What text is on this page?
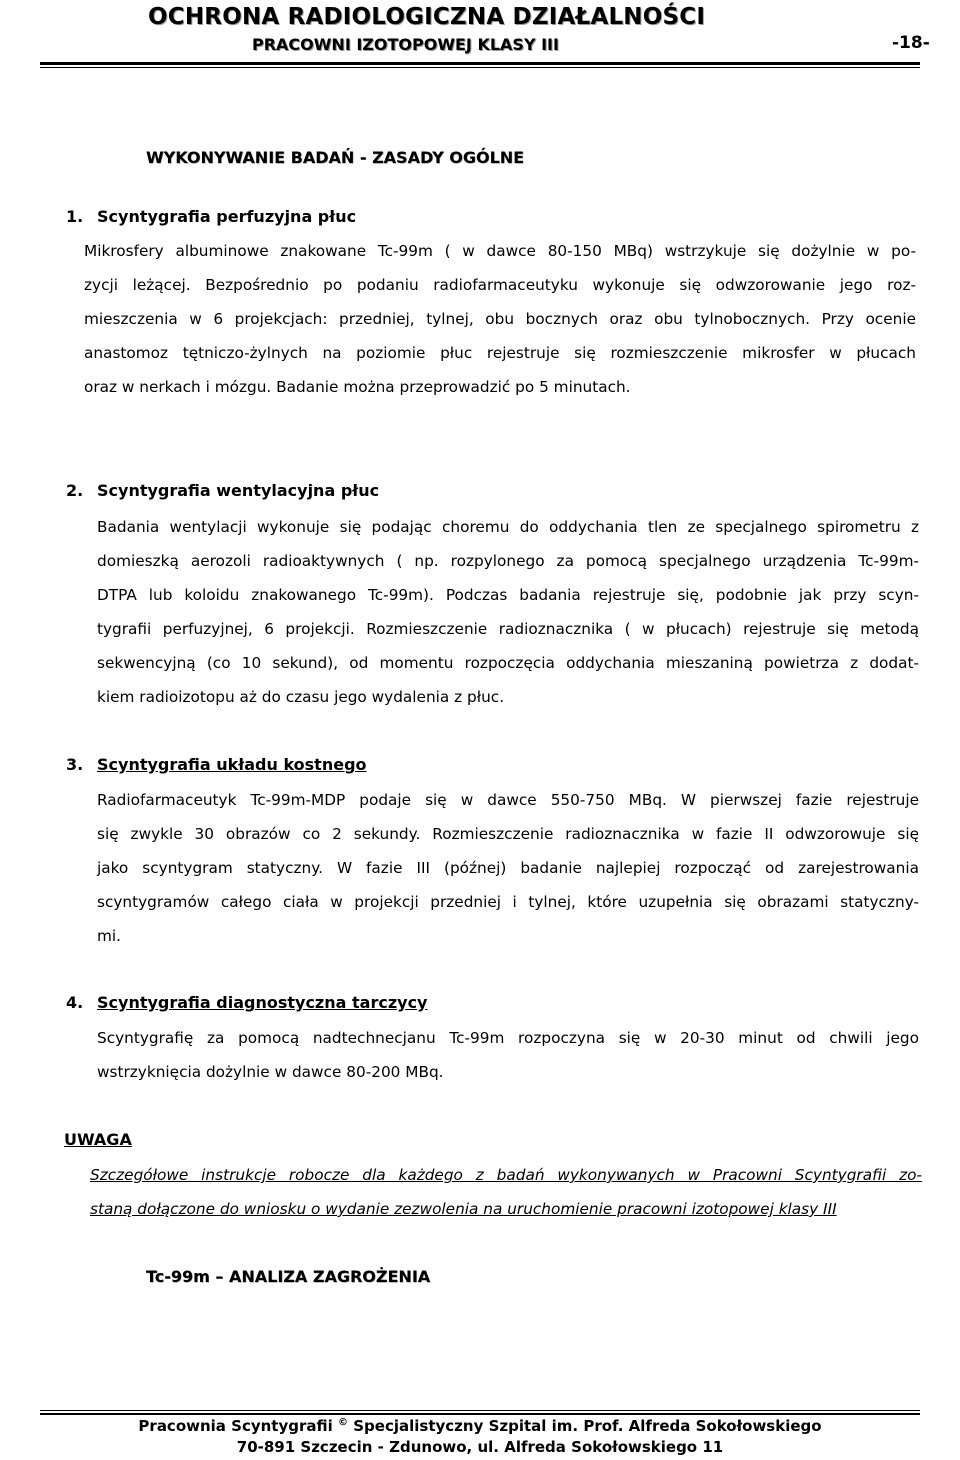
OCHRONA RADIOLOGICZNA DZIAŁALNOŚCI
PRACOWNI IZOTOPOWEJ KLASY III	-18-
WYKONYWANIE BADAŃ - ZASADY OGÓLNE
1. Scyntygrafia perfuzyjna płuc
Mikrosfery albuminowe znakowane Tc-99m ( w dawce 80-150 MBq) wstrzykuje się dożylnie w po-
zycji leżącej. Bezpośrednio po podaniu radiofarmaceutyku wykonuje się odwzorowanie jego roz-
mieszczenia w 6 projekcjach: przedniej, tylnej, obu bocznych oraz obu tylnobocznych. Przy ocenie
anastomoz tętniczo-żylnych na poziomie płuc rejestruje się rozmieszczenie mikrosfer w płucach
oraz w nerkach i mózgu. Badanie można przeprowadzić po 5 minutach.
2. Scyntygrafia wentylacyjna płuc
Badania wentylacji wykonuje się podając choremu do oddychania tlen ze specjalnego spirometru z
domieszką aerozoli radioaktywnych ( np. rozpylonego za pomocą specjalnego urządzenia Tc-99m-
DTPA lub koloidu znakowanego Tc-99m). Podczas badania rejestruje się, podobnie jak przy scyn-
tygrafii perfuzyjnej, 6 projekcji. Rozmieszczenie radioznacznika ( w płucach) rejestruje się metodą
sekwencyjną (co 10 sekund), od momentu rozpoczęcia oddychania mieszaniną powietrza z dodat-
kiem radioizotopu aż do czasu jego wydalenia z płuc.
3. Scyntygrafia układu kostnego
Radiofarmaceutyk Tc-99m-MDP podaje się w dawce 550-750 MBq. W pierwszej fazie rejestruje
się zwykle 30 obrazów co 2 sekundy. Rozmieszczenie radioznacznika w fazie II odwzorowuje się
jako scyntygram statyczny. W fazie III (późnej) badanie najlepiej rozpocząć od zarejestrowania
scyntygramów całego ciała w projekcji przedniej i tylnej, które uzupełnia się obrazami statyczny-
mi.
4. Scyntygrafia diagnostyczna tarczycy
Scyntygrafię za pomocą nadtechnecjanu Tc-99m rozpoczyna się w 20-30 minut od chwili jego
wstrzyknięcia dożylnie w dawce 80-200 MBq.
UWAGA
Szczegółowe instrukcje robocze dla każdego z badań wykonywanych w Pracowni Scyntygrafii zo-
staną dołączone do wniosku o wydanie zezwolenia na uruchomienie pracowni izotopowej klasy III
Tc-99m – ANALIZA ZAGROŻENIA
Pracownia Scyntygrafii © Specjalistyczny Szpital im. Prof. Alfreda Sokołowskiego
70-891 Szczecin - Zdunowo, ul. Alfreda Sokołowskiego 11
